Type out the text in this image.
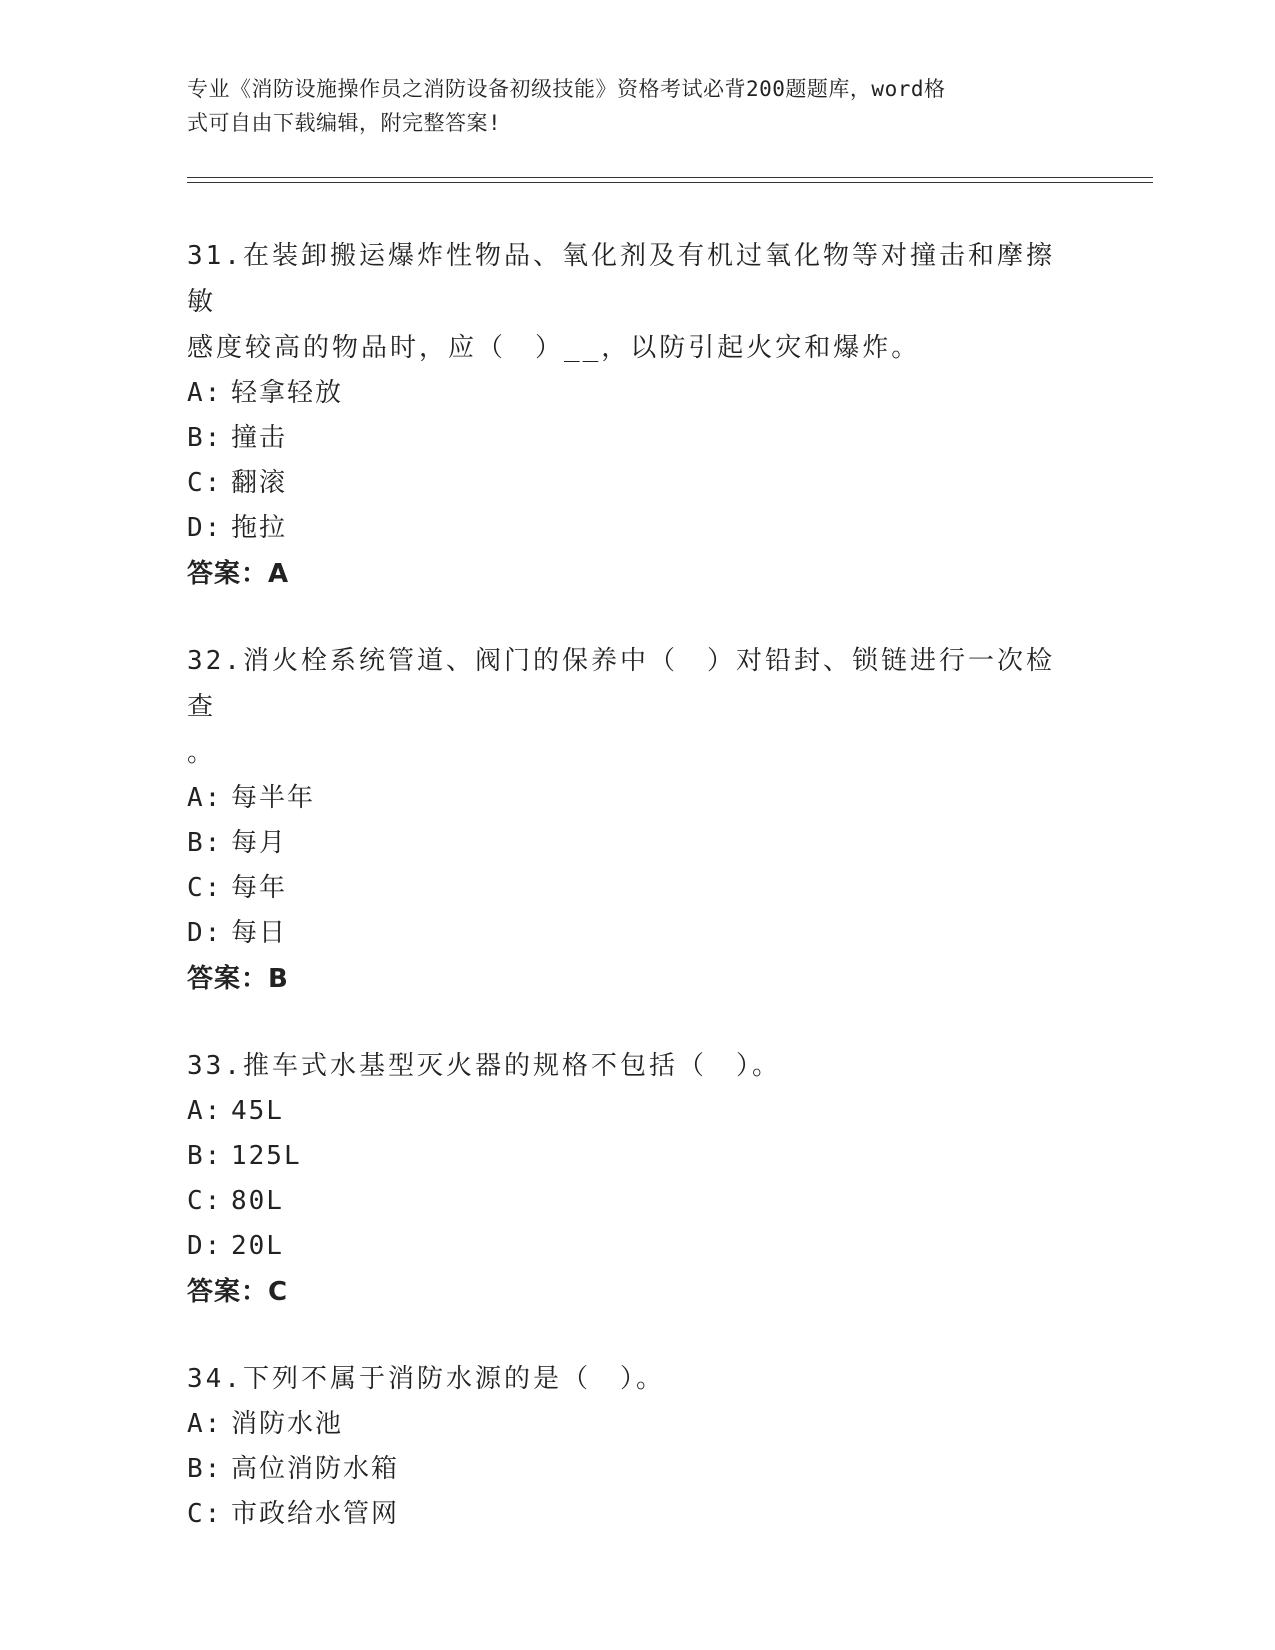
专业《消防设施操作员之消防设备初级技能》资格考试必背200题题库，word格
式可自由下载编辑，附完整答案!
31.在装卸搬运爆炸性物品、氧化剂及有机过氧化物等对撞击和摩擦敏
感度较高的物品时，应（　）__，以防引起火灾和爆炸。
A: 轻拿轻放
B: 撞击
C: 翻滚
D: 拖拉
答案：A
32.消火栓系统管道、阀门的保养中（　）对铅封、锁链进行一次检查
。
A: 每半年
B: 每月
C: 每年
D: 每日
答案：B
33.推车式水基型灭火器的规格不包括（　）。
A: 45L
B: 125L
C: 80L
D: 20L
答案：C
34.下列不属于消防水源的是（　）。
A: 消防水池
B: 高位消防水箱
C: 市政给水管网
